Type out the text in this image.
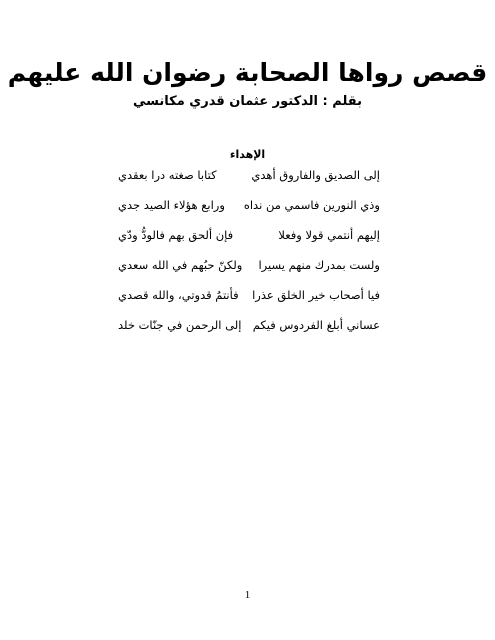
قصص رواها الصحابة رضوان الله عليهم
بقلم : الدكتور عثمان قدري مكانسي
الإهداء
إلى الصديق والفاروق أهدي
كتابا صغته درا بعقدي
وذي النورين فاسمي من نداه
ورابع هؤلاء الصيد جدي
إليهم أنتمي قولا وفعلا
فإن ألحق بهم فالودُّ ودّي
ولست بمدرك منهم يسيرا
ولكنّ حبُهم في الله سعدي
فيا أصحاب خير الخلق عذرا
فأنتمُ قدوتي، والله قصدي
عساني أبلغ الفردوس فيكم
إلى الرحمن في جنّات خلد
1
